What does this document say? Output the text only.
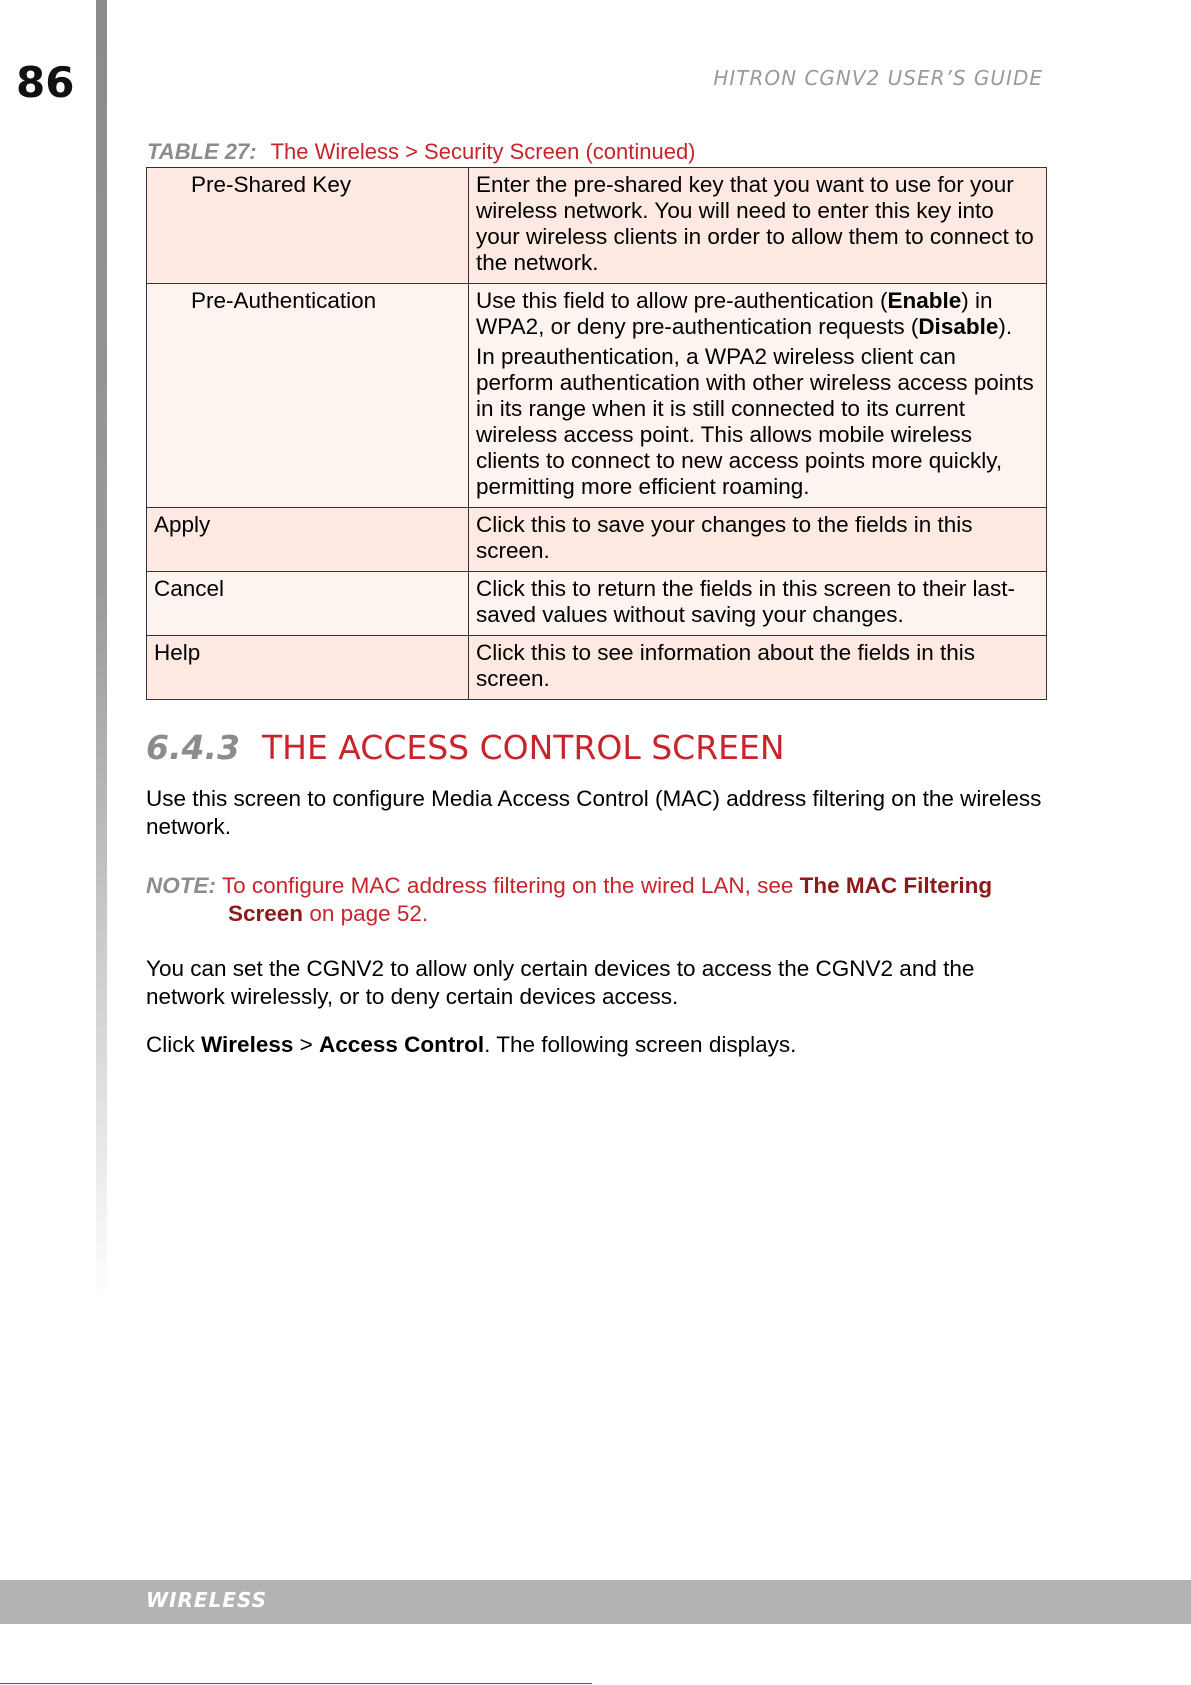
86	HITRON CGNV2 USER’S GUIDE
TABLE 27: The Wireless > Security Screen (continued)
Pre-Shared Key	Enter the pre-shared key that you want to use for your wireless network. You will need to enter this key into your wireless clients in order to allow them to connect to the network.

Pre-Authentication	Use this field to allow pre-authentication (Enable) in WPA2, or deny pre-authentication requests (Disable).

In preauthentication, a WPA2 wireless client can perform authentication with other wireless access points in its range when it is still connected to its current wireless access point. This allows mobile wireless clients to connect to new access points more quickly, permitting more efficient roaming.

Apply	Click this to save your changes to the fields in this screen.

Cancel	Click this to return the fields in this screen to their last-saved values without saving your changes.

Help	Click this to see information about the fields in this screen.

6.4.3 THE ACCESS CONTROL SCREEN

Use this screen to configure Media Access Control (MAC) address filtering on the wireless network.

NOTE: To configure MAC address filtering on the wired LAN, see The MAC Filtering Screen on page 52.

You can set the CGNV2 to allow only certain devices to access the CGNV2 and the network wirelessly, or to deny certain devices access.

Click Wireless > Access Control. The following screen displays.

WIRELESS
